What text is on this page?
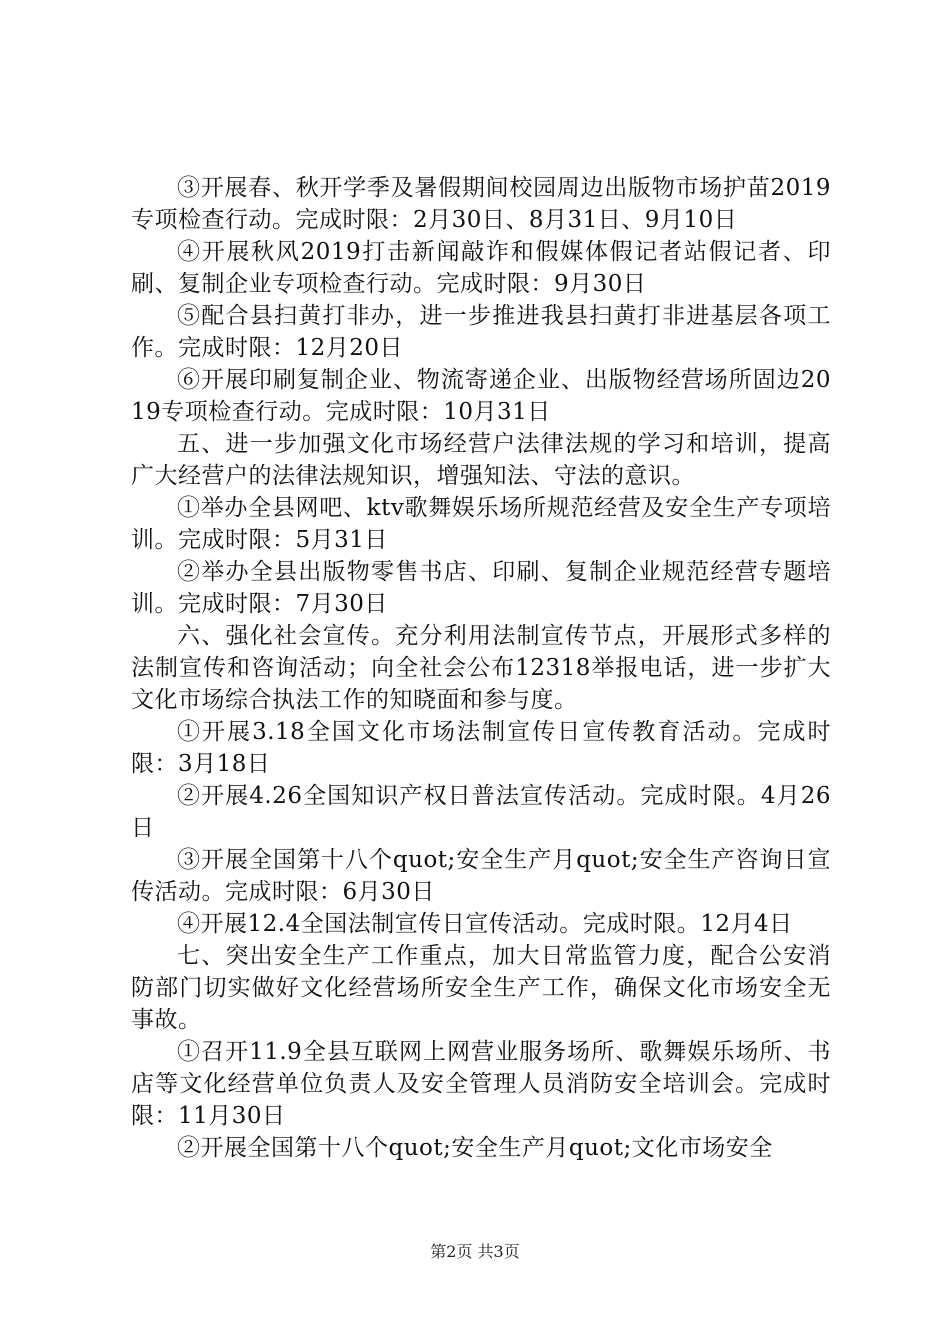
③开展春、秋开学季及暑假期间校园周边出版物市场护苗2019专项检查行动。完成时限：2月30日、8月31日、9月10日

④开展秋风2019打击新闻敲诈和假媒体假记者站假记者、印刷、复制企业专项检查行动。完成时限：9月30日

⑤配合县扫黄打非办，进一步推进我县扫黄打非进基层各项工作。完成时限：12月20日

⑥开展印刷复制企业、物流寄递企业、出版物经营场所固边2019专项检查行动。完成时限：10月31日

五、进一步加强文化市场经营户法律法规的学习和培训，提高广大经营户的法律法规知识，增强知法、守法的意识。

①举办全县网吧、ktv歌舞娱乐场所规范经营及安全生产专项培训。完成时限：5月31日

②举办全县出版物零售书店、印刷、复制企业规范经营专题培训。完成时限：7月30日

六、强化社会宣传。充分利用法制宣传节点，开展形式多样的法制宣传和咨询活动；向全社会公布12318举报电话，进一步扩大文化市场综合执法工作的知晓面和参与度。

①开展3.18全国文化市场法制宣传日宣传教育活动。完成时限：3月18日

②开展4.26全国知识产权日普法宣传活动。完成时限。4月26日

③开展全国第十八个quot;安全生产月quot;安全生产咨询日宣传活动。完成时限：6月30日

④开展12.4全国法制宣传日宣传活动。完成时限。12月4日

七、突出安全生产工作重点，加大日常监管力度，配合公安消防部门切实做好文化经营场所安全生产工作，确保文化市场安全无事故。

①召开11.9全县互联网上网营业服务场所、歌舞娱乐场所、书店等文化经营单位负责人及安全管理人员消防安全培训会。完成时限：11月30日

②开展全国第十八个quot;安全生产月quot;文化市场安全

第2页 共3页
